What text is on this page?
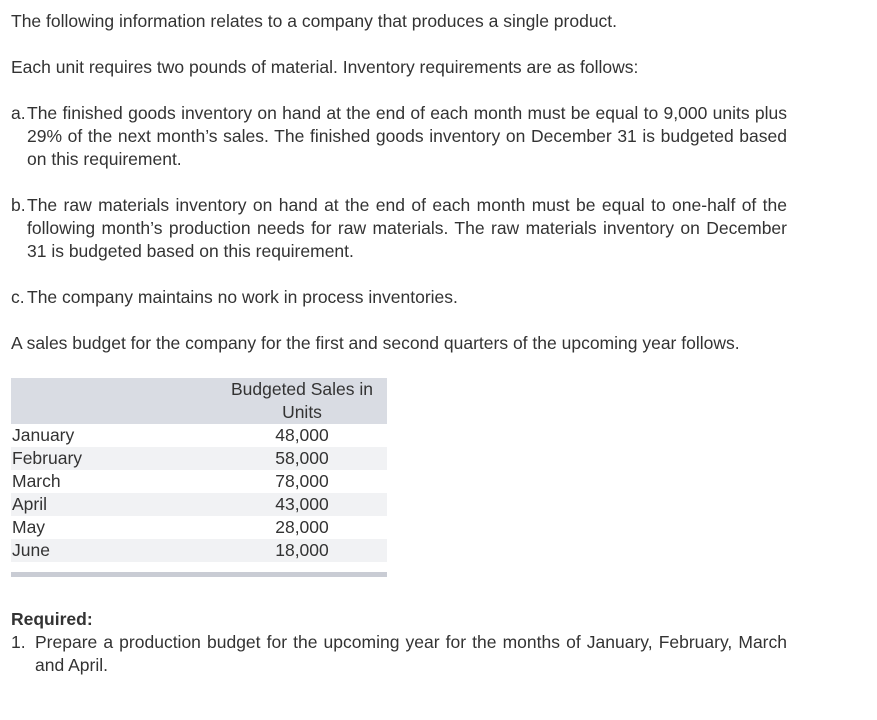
The following information relates to a company that produces a single product.

Each unit requires two pounds of material. Inventory requirements are as follows:

a. The finished goods inventory on hand at the end of each month must be equal to 9,000 units plus 29% of the next month’s sales. The finished goods inventory on December 31 is budgeted based on this requirement.
b. The raw materials inventory on hand at the end of each month must be equal to one-half of the following month’s production needs for raw materials. The raw materials inventory on December 31 is budgeted based on this requirement.
c. The company maintains no work in process inventories.

A sales budget for the company for the first and second quarters of the upcoming year follows.

	Budgeted Sales in Units
January	48,000
February	58,000
March	78,000
April	43,000
May	28,000
June	18,000

Required:

1. Prepare a production budget for the upcoming year for the months of January, February, March and April.
